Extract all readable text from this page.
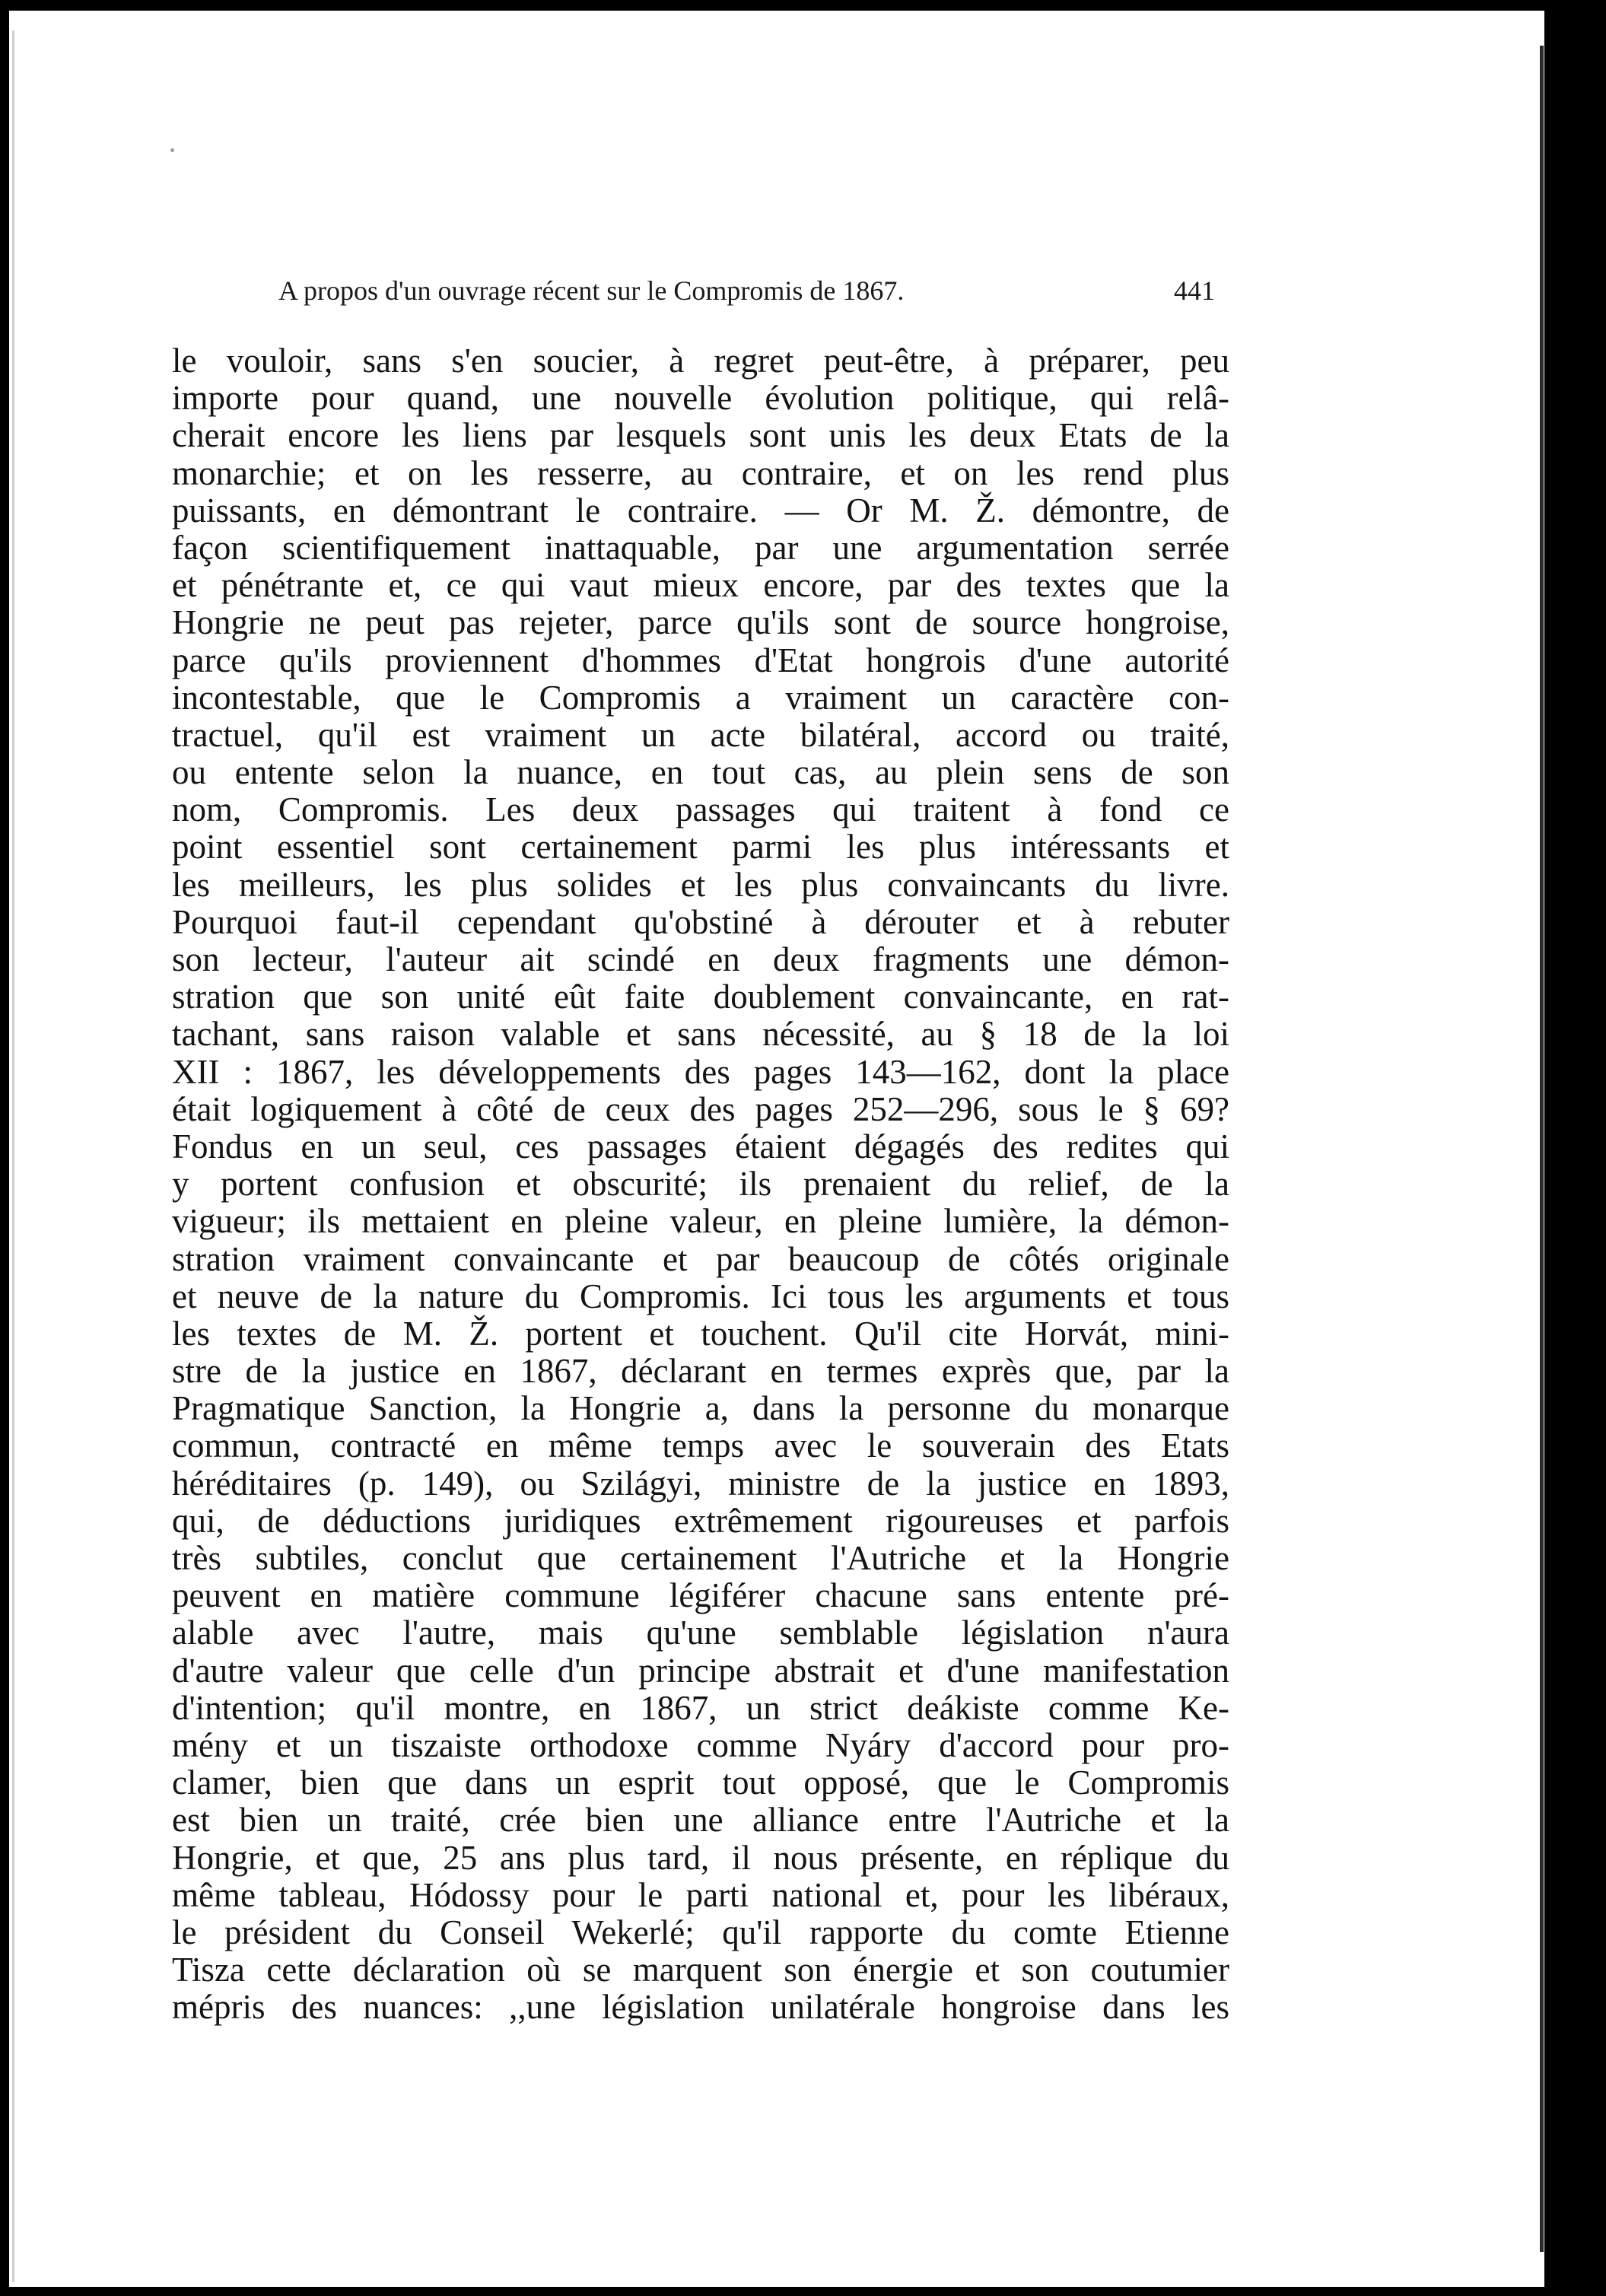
A propos d'un ouvrage récent sur le Compromis de 1867.	441
le vouloir, sans s'en soucier, à regret peut-être, à préparer, peu
importe pour quand, une nouvelle évolution politique, qui relâ-
cherait encore les liens par lesquels sont unis les deux Etats de la
monarchie; et on les resserre, au contraire, et on les rend plus
puissants, en démontrant le contraire. — Or M. Ž. démontre, de
façon scientifiquement inattaquable, par une argumentation serrée
et pénétrante et, ce qui vaut mieux encore, par des textes que la
Hongrie ne peut pas rejeter, parce qu'ils sont de source hongroise,
parce qu'ils proviennent d'hommes d'Etat hongrois d'une autorité
incontestable, que le Compromis a vraiment un caractère con-
tractuel, qu'il est vraiment un acte bilatéral, accord ou traité,
ou entente selon la nuance, en tout cas, au plein sens de son
nom, Compromis. Les deux passages qui traitent à fond ce
point essentiel sont certainement parmi les plus intéressants et
les meilleurs, les plus solides et les plus convaincants du livre.
Pourquoi faut-il cependant qu'obstiné à dérouter et à rebuter
son lecteur, l'auteur ait scindé en deux fragments une démon-
stration que son unité eût faite doublement convaincante, en rat-
tachant, sans raison valable et sans nécessité, au § 18 de la loi
XII : 1867, les développements des pages 143—162, dont la place
était logiquement à côté de ceux des pages 252—296, sous le § 69?
Fondus en un seul, ces passages étaient dégagés des redites qui
y portent confusion et obscurité; ils prenaient du relief, de la
vigueur; ils mettaient en pleine valeur, en pleine lumière, la démon-
stration vraiment convaincante et par beaucoup de côtés originale
et neuve de la nature du Compromis. Ici tous les arguments et tous
les textes de M. Ž. portent et touchent. Qu'il cite Horvát, mini-
stre de la justice en 1867, déclarant en termes exprès que, par la
Pragmatique Sanction, la Hongrie a, dans la personne du monarque
commun, contracté en même temps avec le souverain des Etats
héréditaires (p. 149), ou Szilágyi, ministre de la justice en 1893,
qui, de déductions juridiques extrêmement rigoureuses et parfois
très subtiles, conclut que certainement l'Autriche et la Hongrie
peuvent en matière commune légiférer chacune sans entente pré-
alable avec l'autre, mais qu'une semblable législation n'aura
d'autre valeur que celle d'un principe abstrait et d'une manifestation
d'intention; qu'il montre, en 1867, un strict deákiste comme Ke-
mény et un tiszaiste orthodoxe comme Nyáry d'accord pour pro-
clamer, bien que dans un esprit tout opposé, que le Compromis
est bien un traité, crée bien une alliance entre l'Autriche et la
Hongrie, et que, 25 ans plus tard, il nous présente, en réplique du
même tableau, Hódossy pour le parti national et, pour les libéraux,
le président du Conseil Wekerlé; qu'il rapporte du comte Etienne
Tisza cette déclaration où se marquent son énergie et son coutumier
mépris des nuances: ,,une législation unilatérale hongroise dans les
